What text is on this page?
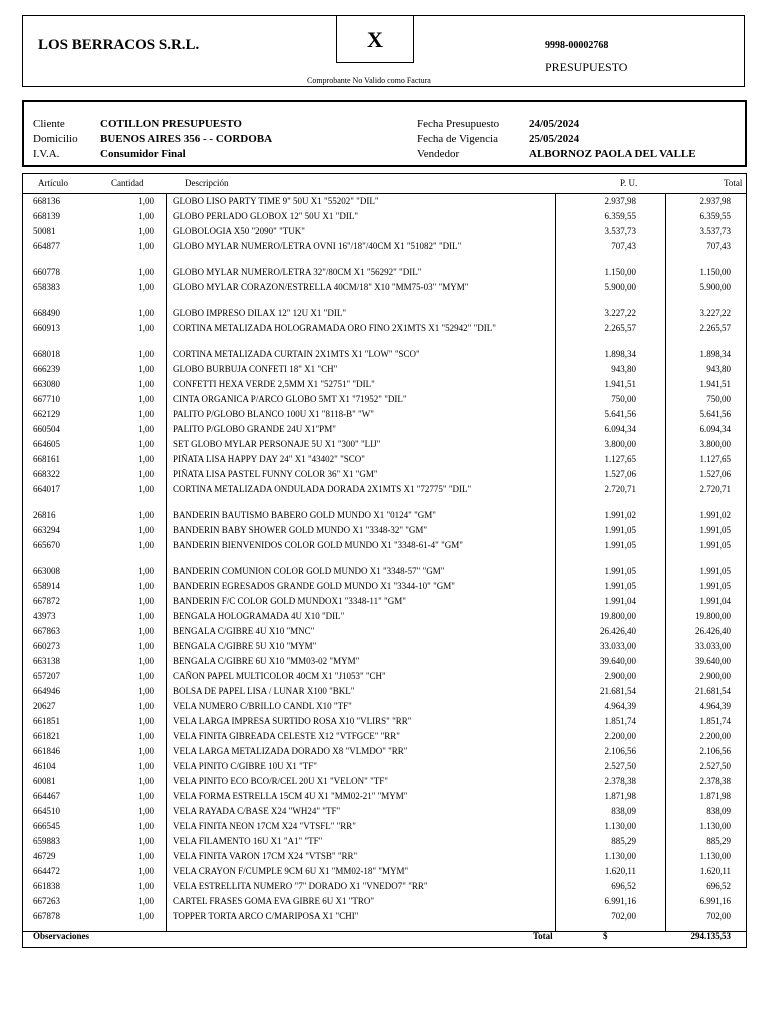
LOS BERRACOS S.R.L.	X	9998-00002768
PRESUPUESTO
Comprobante No Valido como Factura
Cliente	COTILLON PRESUPUESTO
Domicilio BUENOS AIRES 356 - - CORDOBA
I.V.A.	Consumidor Final
Fecha Presupuesto	24/05/2024
Fecha de Vigencia	25/05/2024
Vendedor	ALBORNOZ PAOLA DEL VALLE
Artículo	Cantidad	Descripción	P. U.	Total
668136	1,00 GLOBO LISO PARTY TIME 9" 50U X1 "55202" "DIL"	2.937,98	2.937,98
668139	1,00 GLOBO PERLADO GLOBOX 12" 50U X1 "DIL"	6.359,55	6.359,55
50081	1,00 GLOBOLOGIA X50 "2090" "TUK"	3.537,73	3.537,73
664877	1,00 GLOBO MYLAR NUMERO/LETRA OVNI 16"/18"/40CM X1 "51082" "DIL"	707,43	707,43
660778	1,00 GLOBO MYLAR NUMERO/LETRA 32"/80CM X1 "56292" "DIL"	1.150,00	1.150,00
658383	1,00 GLOBO MYLAR CORAZON/ESTRELLA 40CM/18" X10 "MM75-03" "MYM"	5.900,00	5.900,00
668490	1,00 GLOBO IMPRESO DILAX 12" 12U X1 "DIL"	3.227,22	3.227,22
660913	1,00 CORTINA METALIZADA HOLOGRAMADA ORO FINO 2X1MTS X1 "52942" "DIL"	2.265,57	2.265,57
668018	1,00 CORTINA METALIZADA CURTAIN 2X1MTS X1 "LOW" "SCO"	1.898,34	1.898,34
666239	1,00 GLOBO BURBUJA CONFETI 18" X1 "CH"	943,80	943,80
663080	1,00 CONFETTI HEXA VERDE 2,5MM X1 "52751" "DIL"	1.941,51	1.941,51
667710	1,00 CINTA ORGANICA P/ARCO GLOBO 5MT X1 "71952" "DIL"	750,00	750,00
662129	1,00 PALITO P/GLOBO BLANCO 100U X1 "8118-B" "W"	5.641,56	5.641,56
660504	1,00 PALITO P/GLOBO GRANDE 24U X1"PM"	6.094,34	6.094,34
664605	1,00 SET GLOBO MYLAR PERSONAJE 5U X1 "300" "LIJ"	3.800,00	3.800,00
668161	1,00 PIÑATA LISA HAPPY DAY 24" X1 "43402" "SCO"	1.127,65	1.127,65
668322	1,00 PIÑATA LISA PASTEL FUNNY COLOR 36" X1 "GM"	1.527,06	1.527,06
664017	1,00 CORTINA METALIZADA ONDULADA DORADA 2X1MTS X1 "72775" "DIL"	2.720,71	2.720,71
26816	1,00 BANDERIN BAUTISMO BABERO GOLD MUNDO X1 "0124" "GM"	1.991,02	1.991,02
663294	1,00 BANDERIN BABY SHOWER GOLD MUNDO X1 "3348-32" "GM"	1.991,05	1.991,05
665670	1,00 BANDERIN BIENVENIDOS COLOR GOLD MUNDO X1 "3348-61-4" "GM"	1.991,05	1.991,05
663008	1,00 BANDERIN COMUNION COLOR GOLD MUNDO X1 "3348-57" "GM"	1.991,05	1.991,05
658914	1,00 BANDERIN EGRESADOS GRANDE GOLD MUNDO X1 "3344-10" "GM"	1.991,05	1.991,05
667872	1,00 BANDERIN F/C COLOR GOLD MUNDOX1 "3348-11" "GM"	1.991,04	1.991,04
43973	1,00 BENGALA HOLOGRAMADA 4U X10 "DIL"	19.800,00	19.800,00
667863	1,00 BENGALA C/GIBRE 4U X10 "MNC"	26.426,40	26.426,40
660273	1,00 BENGALA C/GIBRE 5U X10 "MYM"	33.033,00	33.033,00
663138	1,00 BENGALA C/GIBRE 6U X10 "MM03-02 "MYM"	39.640,00	39.640,00
657207	1,00 CAÑON PAPEL MULTICOLOR 40CM X1 "J1053" "CH"	2.900,00	2.900,00
664946	1,00 BOLSA DE PAPEL LISA / LUNAR X100 "BKL"	21.681,54	21.681,54
20627	1,00 VELA NUMERO C/BRILLO CANDL X10 "TF"	4.964,39	4.964,39
661851	1,00 VELA LARGA IMPRESA SURTIDO ROSA X10 "VLIRS" "RR"	1.851,74	1.851,74
661821	1,00 VELA FINITA GIBREADA CELESTE X12 "VTFGCE" "RR"	2.200,00	2.200,00
661846	1,00 VELA LARGA METALIZADA DORADO X8 "VLMDO" "RR"	2.106,56	2.106,56
46104	1,00 VELA PINITO C/GIBRE 10U X1 "TF"	2.527,50	2.527,50
60081	1,00 VELA PINITO ECO BCO/R/CEL 20U X1 "VELON" "TF"	2.378,38	2.378,38
664467	1,00 VELA FORMA ESTRELLA 15CM 4U X1 "MM02-21" "MYM"	1.871,98	1.871,98
664510	1,00 VELA RAYADA C/BASE X24 "WH24" "TF"	838,09	838,09
666545	1,00 VELA FINITA NEON 17CM X24 "VTSFL" "RR"	1.130,00	1.130,00
659883	1,00 VELA FILAMENTO 16U X1 "A1" "TF"	885,29	885,29
46729	1,00 VELA FINITA VARON 17CM X24 "VTSB" "RR"	1.130,00	1.130,00
664472	1,00 VELA CRAYON F/CUMPLE 9CM 6U X1 "MM02-18" "MYM"	1.620,11	1.620,11
661838	1,00 VELA ESTRELLITA NUMERO "7" DORADO X1 "VNEDO7" "RR"	696,52	696,52
667263	1,00 CARTEL FRASES GOMA EVA GIBRE 6U X1 "TRO"	6.991,16	6.991,16
667878	1,00 TOPPER TORTA ARCO C/MARIPOSA X1 "CHI"	702,00	702,00
Observaciones	Total	$	294.135,53
